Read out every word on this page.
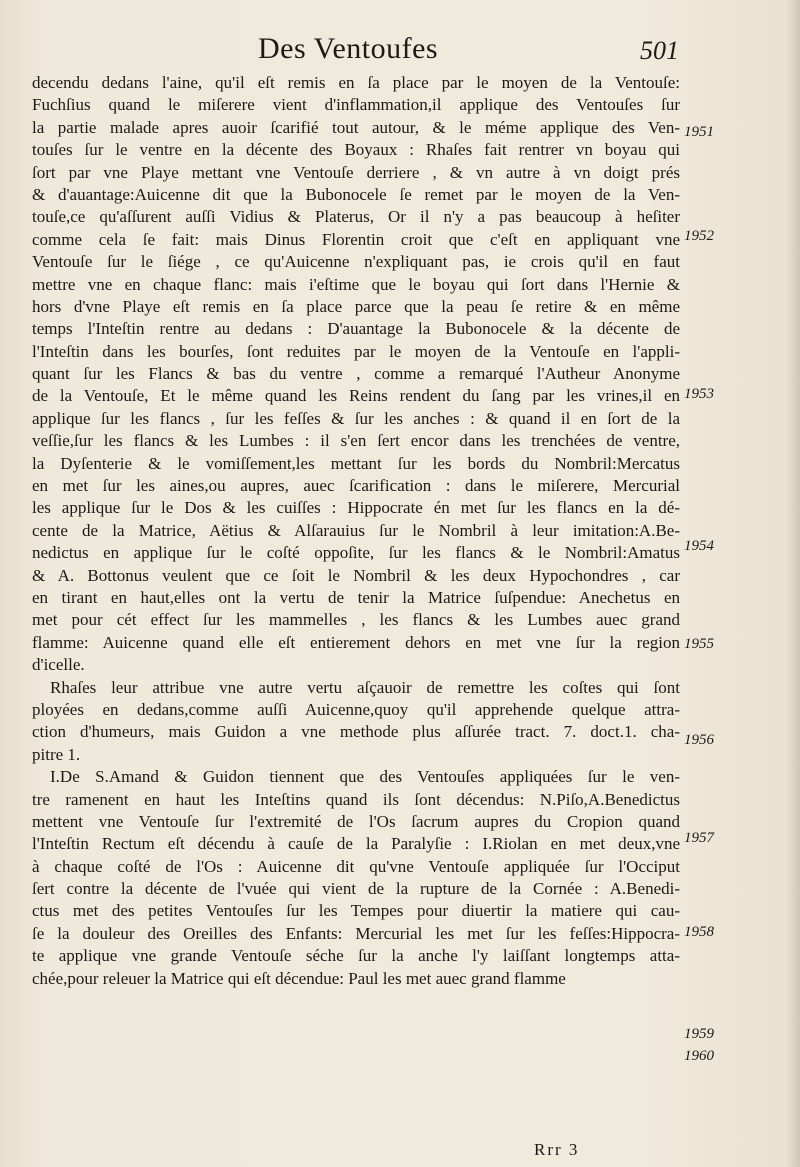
Des Ventoufes	501
decendu dedans l'aine, qu'il eſt remis en ſa place par le moyen de la Ventouſe:
Fuchſius quand le miſerere vient d'inflammation,il applique des Ventouſes ſur
la partie malade apres auoir ſcarifié tout autour, & le méme applique des Ven-
touſes ſur le ventre en la décente des Boyaux : Rhaſes fait rentrer vn boyau qui
ſort par vne Playe mettant vne Ventouſe derriere , & vn autre à vn doigt prés
& d'auantage:Auicenne dit que la Bubonocele ſe remet par le moyen de la Ven-
touſe,ce qu'aſſurent auſſi Vidius & Platerus, Or il n'y a pas beaucoup à heſiter
comme cela ſe fait: mais Dinus Florentin croit que c'eſt en appliquant vne
Ventouſe ſur le ſiége , ce qu'Auicenne n'expliquant pas, ie crois qu'il en faut
mettre vne en chaque flanc: mais i'eſtime que le boyau qui ſort dans l'Hernie &
hors d'vne Playe eſt remis en ſa place parce que la peau ſe retire & en même
temps l'Inteſtin rentre au dedans : D'auantage la Bubonocele & la décente de
l'Inteſtin dans les bourſes, ſont reduites par le moyen de la Ventouſe en l'appli-
quant ſur les Flancs & bas du ventre , comme a remarqué l'Autheur Anonyme
de la Ventouſe, Et le même quand les Reins rendent du ſang par les vrines,il en
applique ſur les flancs , ſur les feſſes & ſur les anches : & quand il en ſort de la
veſſie,ſur les flancs & les Lumbes : il s'en ſert encor dans les trenchées de ventre,
la Dyſenterie & le vomiſſement,les mettant ſur les bords du Nombril:Mercatus
en met ſur les aines,ou aupres, auec ſcarification : dans le miſerere, Mercurial
les applique ſur le Dos & les cuiſſes : Hippocrate én met ſur les flancs en la dé-
cente de la Matrice, Aëtius & Alſarauius ſur le Nombril à leur imitation:A.Be-
nedictus en applique ſur le coſté oppoſite, ſur les flancs & le Nombril:Amatus
& A. Bottonus veulent que ce ſoit le Nombril & les deux Hypochondres , car
en tirant en haut,elles ont la vertu de tenir la Matrice ſuſpendue: Anechetus en
met pour cét effect ſur les mammelles , les flancs & les Lumbes auec grand
flamme: Auicenne quand elle eſt entierement dehors en met vne ſur la region
d'icelle.
Rhaſes leur attribue vne autre vertu aſçauoir de remettre les coſtes qui ſont
ployées en dedans,comme auſſi Auicenne,quoy qu'il apprehende quelque attra-
ction d'humeurs, mais Guidon a vne methode plus aſſurée tract. 7. doct.1. cha-
pitre 1.
I.De S.Amand & Guidon tiennent que des Ventouſes appliquées ſur le ven-
tre ramenent en haut les Inteſtins quand ils ſont décendus: N.Piſo,A.Benedictus
mettent vne Ventouſe ſur l'extremité de l'Os ſacrum aupres du Cropion quand
l'Inteſtin Rectum eſt décendu à cauſe de la Paralyſie : I.Riolan en met deux,vne
à chaque coſté de l'Os : Auicenne dit qu'vne Ventouſe appliquée ſur l'Occiput
ſert contre la décente de l'vuée qui vient de la rupture de la Cornée : A.Benedi-
ctus met des petites Ventouſes ſur les Tempes pour diuertir la matiere qui cau-
ſe la douleur des Oreilles des Enfants: Mercurial les met ſur les feſſes:Hippocra-
te applique vne grande Ventouſe séche ſur la anche l'y laiſſant longtemps atta-
chée,pour releuer la Matrice qui eſt décendue: Paul les met auec grand flamme
1951
1952
1953
1954
1955
1956
1957
1958
1959
1960
Rrr 3
